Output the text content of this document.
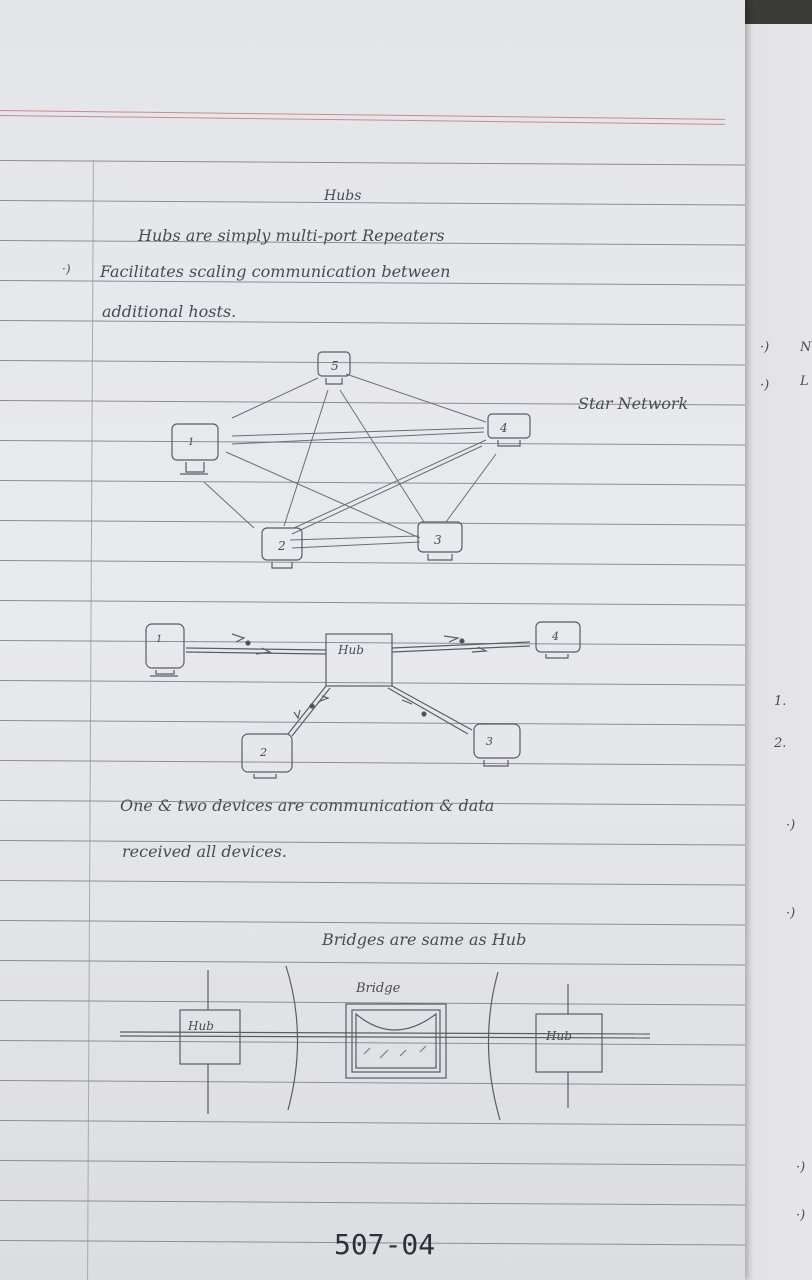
·) N
·) L
1.
2.
·)
·)
·)
·)
5
1
4
2	3
Hub
1	4
2
3
Hub
Hub
Bridge
Hubs
Hubs are simply multi-port Repeaters
·) Facilitates scaling communication between
additional hosts.
Star Network
One & two devices are communication & data
received all devices.
Bridges are same as Hub
507-04
